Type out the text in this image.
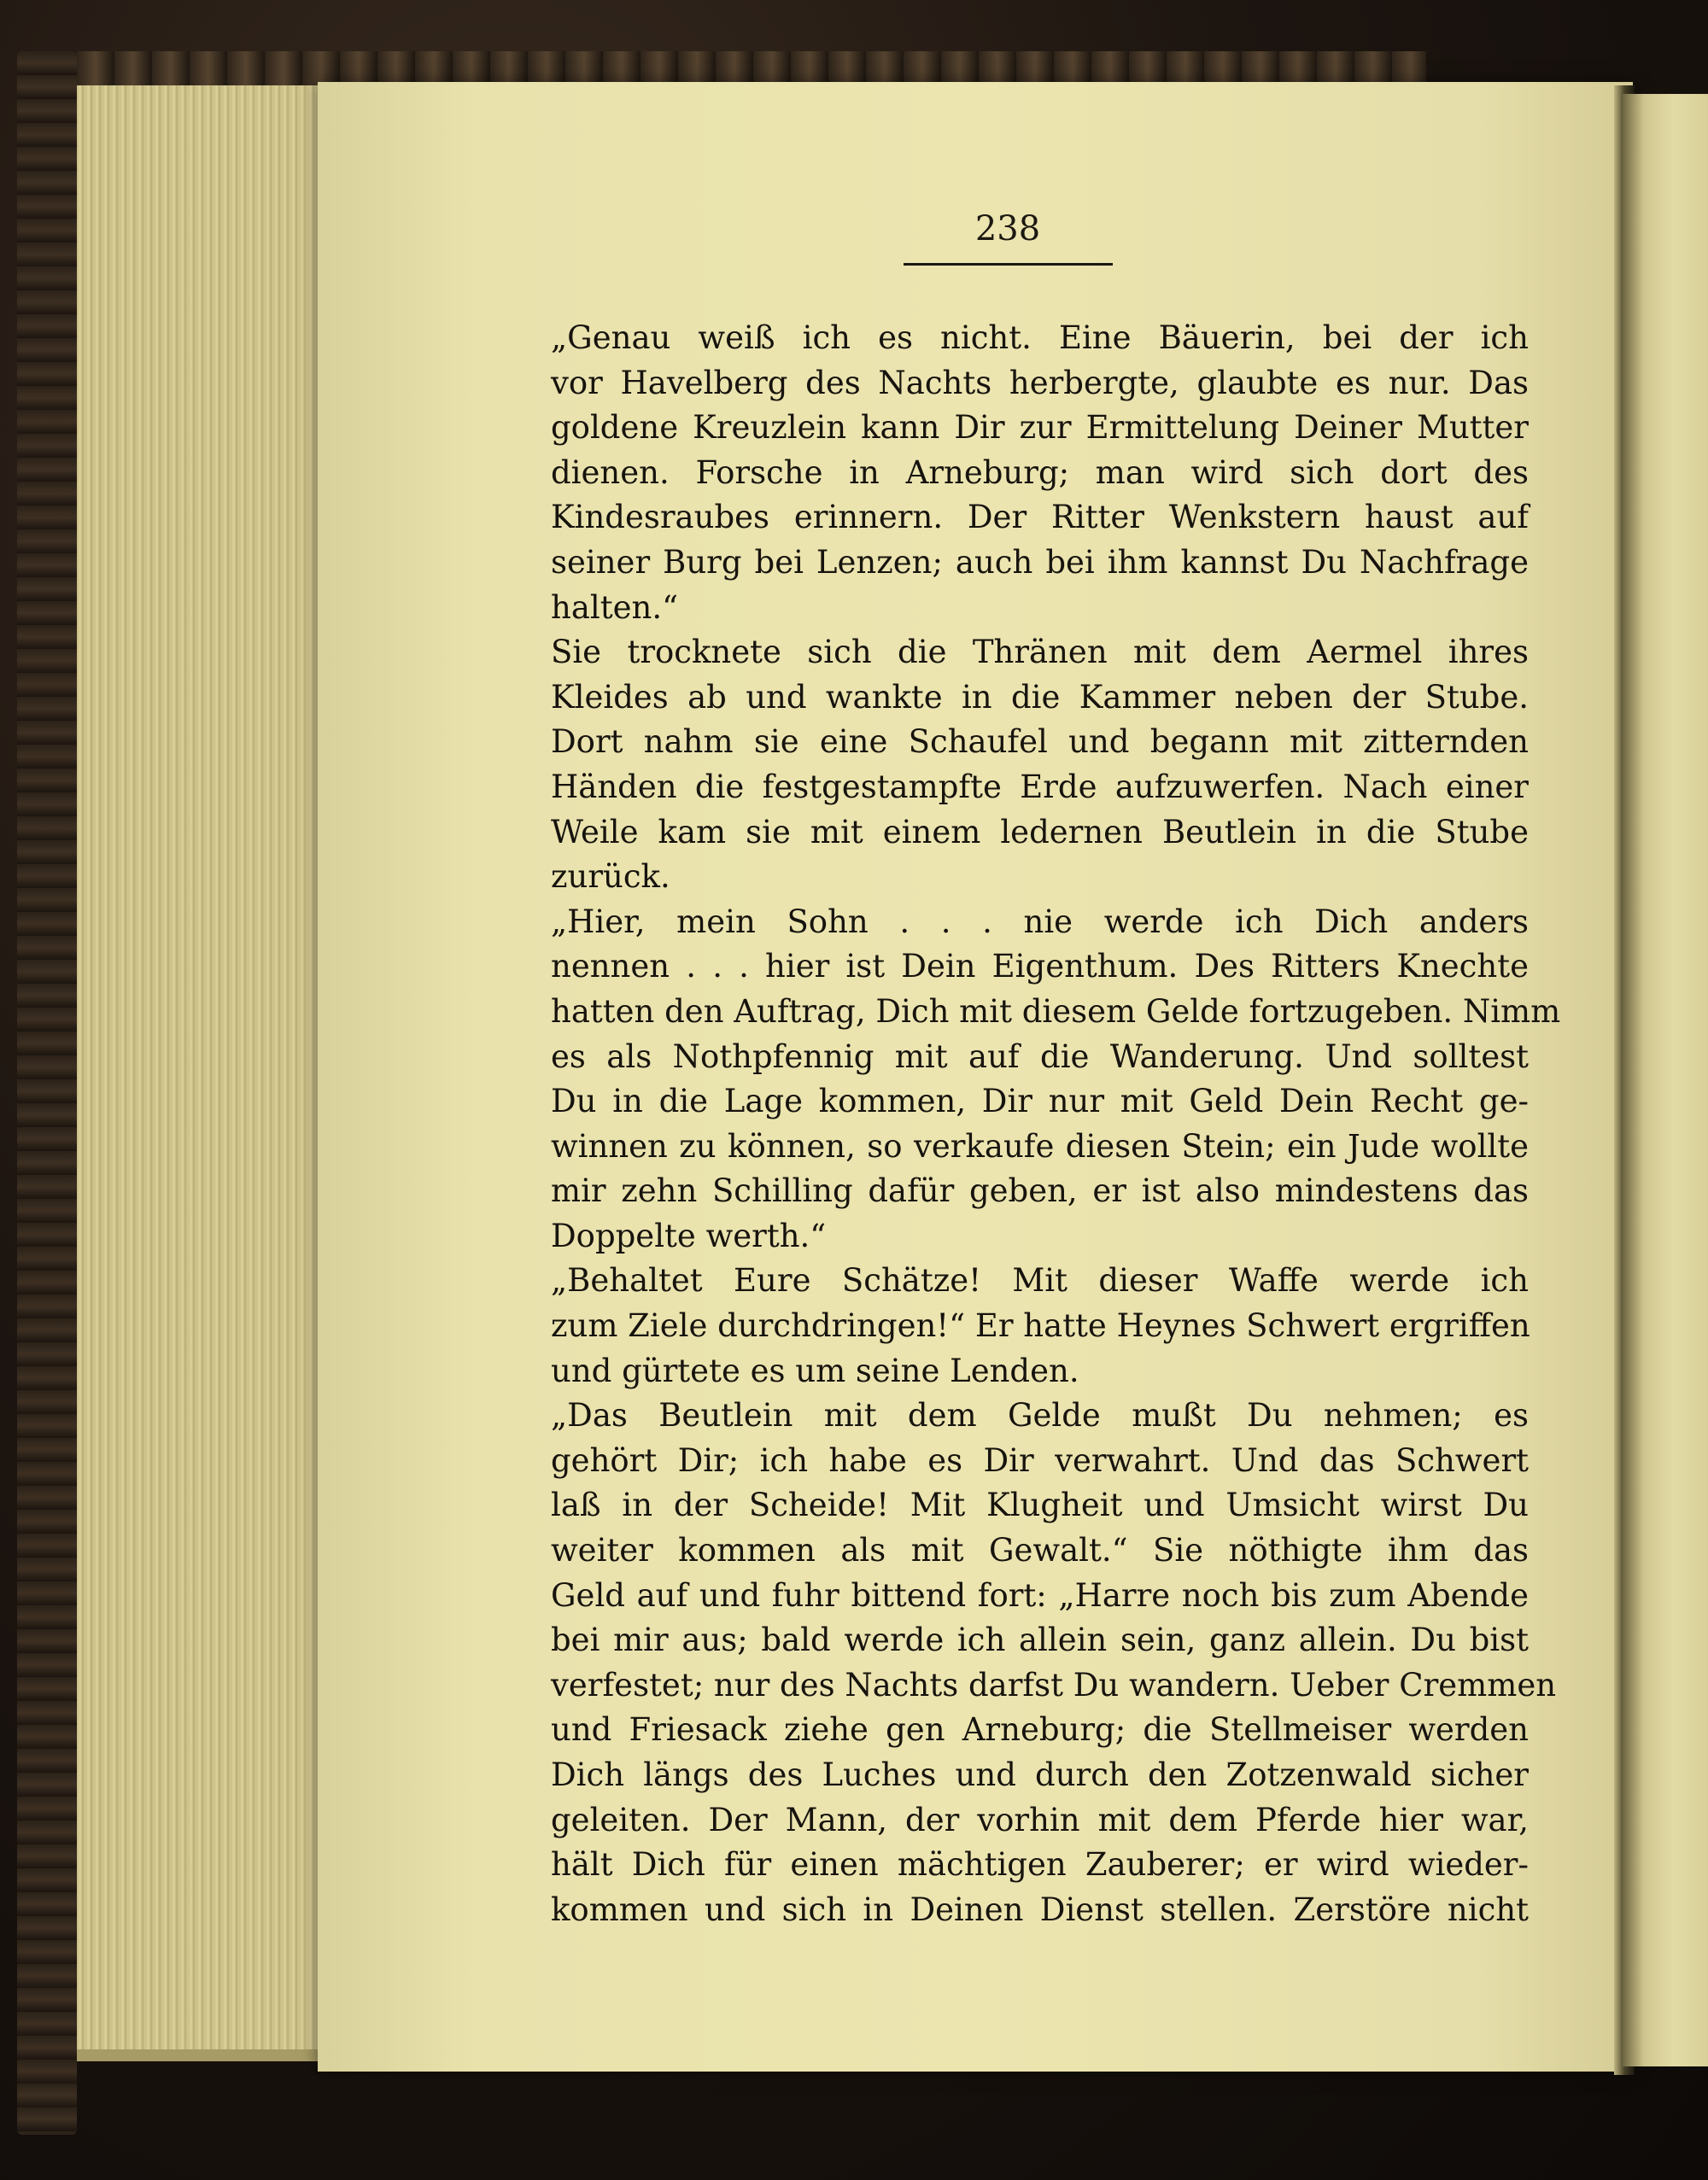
238

„Genau weiß ich es nicht. Eine Bäuerin, bei der ich
vor Havelberg des Nachts herbergte, glaubte es nur. Das
goldene Kreuzlein kann Dir zur Ermittelung Deiner Mutter
dienen. Forsche in Arneburg; man wird sich dort des
Kindesraubes erinnern. Der Ritter Wenkstern haust auf
seiner Burg bei Lenzen; auch bei ihm kannst Du Nachfrage
halten.“

Sie trocknete sich die Thränen mit dem Aermel ihres
Kleides ab und wankte in die Kammer neben der Stube.
Dort nahm sie eine Schaufel und begann mit zitternden
Händen die festgestampfte Erde aufzuwerfen. Nach einer
Weile kam sie mit einem ledernen Beutlein in die Stube
zurück.

„Hier, mein Sohn . . . nie werde ich Dich anders
nennen . . . hier ist Dein Eigenthum. Des Ritters Knechte
hatten den Auftrag, Dich mit diesem Gelde fortzugeben. Nimm
es als Nothpfennig mit auf die Wanderung. Und solltest
Du in die Lage kommen, Dir nur mit Geld Dein Recht ge-
winnen zu können, so verkaufe diesen Stein; ein Jude wollte
mir zehn Schilling dafür geben, er ist also mindestens das
Doppelte werth.“

„Behaltet Eure Schätze! Mit dieser Waffe werde ich
zum Ziele durchdringen!“ Er hatte Heynes Schwert ergriffen
und gürtete es um seine Lenden.

„Das Beutlein mit dem Gelde mußt Du nehmen; es
gehört Dir; ich habe es Dir verwahrt. Und das Schwert
laß in der Scheide! Mit Klugheit und Umsicht wirst Du
weiter kommen als mit Gewalt.“ Sie nöthigte ihm das
Geld auf und fuhr bittend fort: „Harre noch bis zum Abende
bei mir aus; bald werde ich allein sein, ganz allein. Du bist
verfestet; nur des Nachts darfst Du wandern. Ueber Cremmen
und Friesack ziehe gen Arneburg; die Stellmeiser werden
Dich längs des Luches und durch den Zotzenwald sicher
geleiten. Der Mann, der vorhin mit dem Pferde hier war,
hält Dich für einen mächtigen Zauberer; er wird wieder-
kommen und sich in Deinen Dienst stellen. Zerstöre nicht
